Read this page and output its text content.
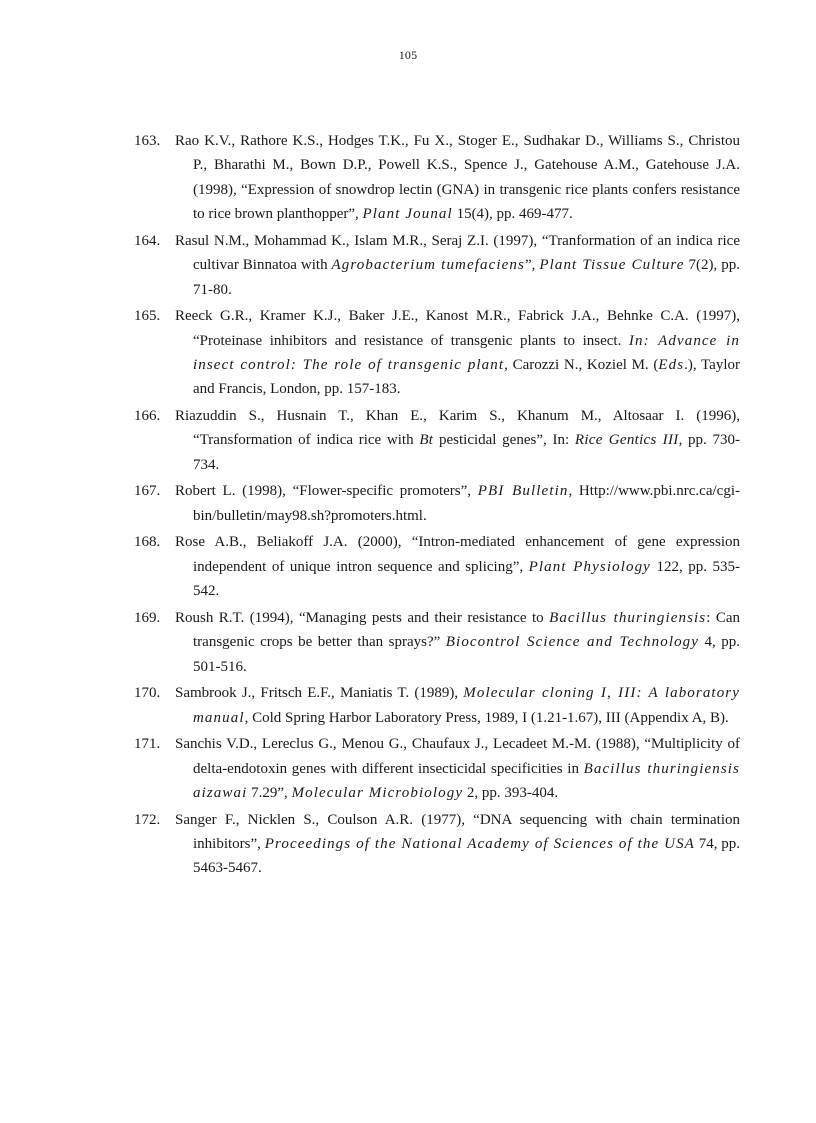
105
163. Rao K.V., Rathore K.S., Hodges T.K., Fu X., Stoger E., Sudhakar D., Williams S., Christou P., Bharathi M., Bown D.P., Powell K.S., Spence J., Gatehouse A.M., Gatehouse J.A. (1998), “Expression of snowdrop lectin (GNA) in transgenic rice plants confers resistance to rice brown planthopper”, Plant Jounal 15(4), pp. 469-477.
164. Rasul N.M., Mohammad K., Islam M.R., Seraj Z.I. (1997), “Tranformation of an indica rice cultivar Binnatoa with Agrobacterium tumefaciens”, Plant Tissue Culture 7(2), pp. 71-80.
165. Reeck G.R., Kramer K.J., Baker J.E., Kanost M.R., Fabrick J.A., Behnke C.A. (1997), “Proteinase inhibitors and resistance of transgenic plants to insect. In: Advance in insect control: The role of transgenic plant, Carozzi N., Koziel M. (Eds.), Taylor and Francis, London, pp. 157-183.
166. Riazuddin S., Husnain T., Khan E., Karim S., Khanum M., Altosaar I. (1996), “Transformation of indica rice with Bt pesticidal genes”, In: Rice Gentics III, pp. 730-734.
167. Robert L. (1998), “Flower-specific promoters”, PBI Bulletin, Http://www.pbi.nrc.ca/cgi-bin/bulletin/may98.sh?promoters.html.
168. Rose A.B., Beliakoff J.A. (2000), “Intron-mediated enhancement of gene expression independent of unique intron sequence and splicing”, Plant Physiology 122, pp. 535-542.
169. Roush R.T. (1994), “Managing pests and their resistance to Bacillus thuringiensis: Can transgenic crops be better than sprays?” Biocontrol Science and Technology 4, pp. 501-516.
170. Sambrook J., Fritsch E.F., Maniatis T. (1989), Molecular cloning I, III: A laboratory manual, Cold Spring Harbor Laboratory Press, 1989, I (1.21-1.67), III (Appendix A, B).
171. Sanchis V.D., Lereclus G., Menou G., Chaufaux J., Lecadeet M.-M. (1988), “Multiplicity of delta-endotoxin genes with different insecticidal specificities in Bacillus thuringiensis aizawai 7.29”, Molecular Microbiology 2, pp. 393-404.
172. Sanger F., Nicklen S., Coulson A.R. (1977), “DNA sequencing with chain termination inhibitors”, Proceedings of the National Academy of Sciences of the USA 74, pp. 5463-5467.
